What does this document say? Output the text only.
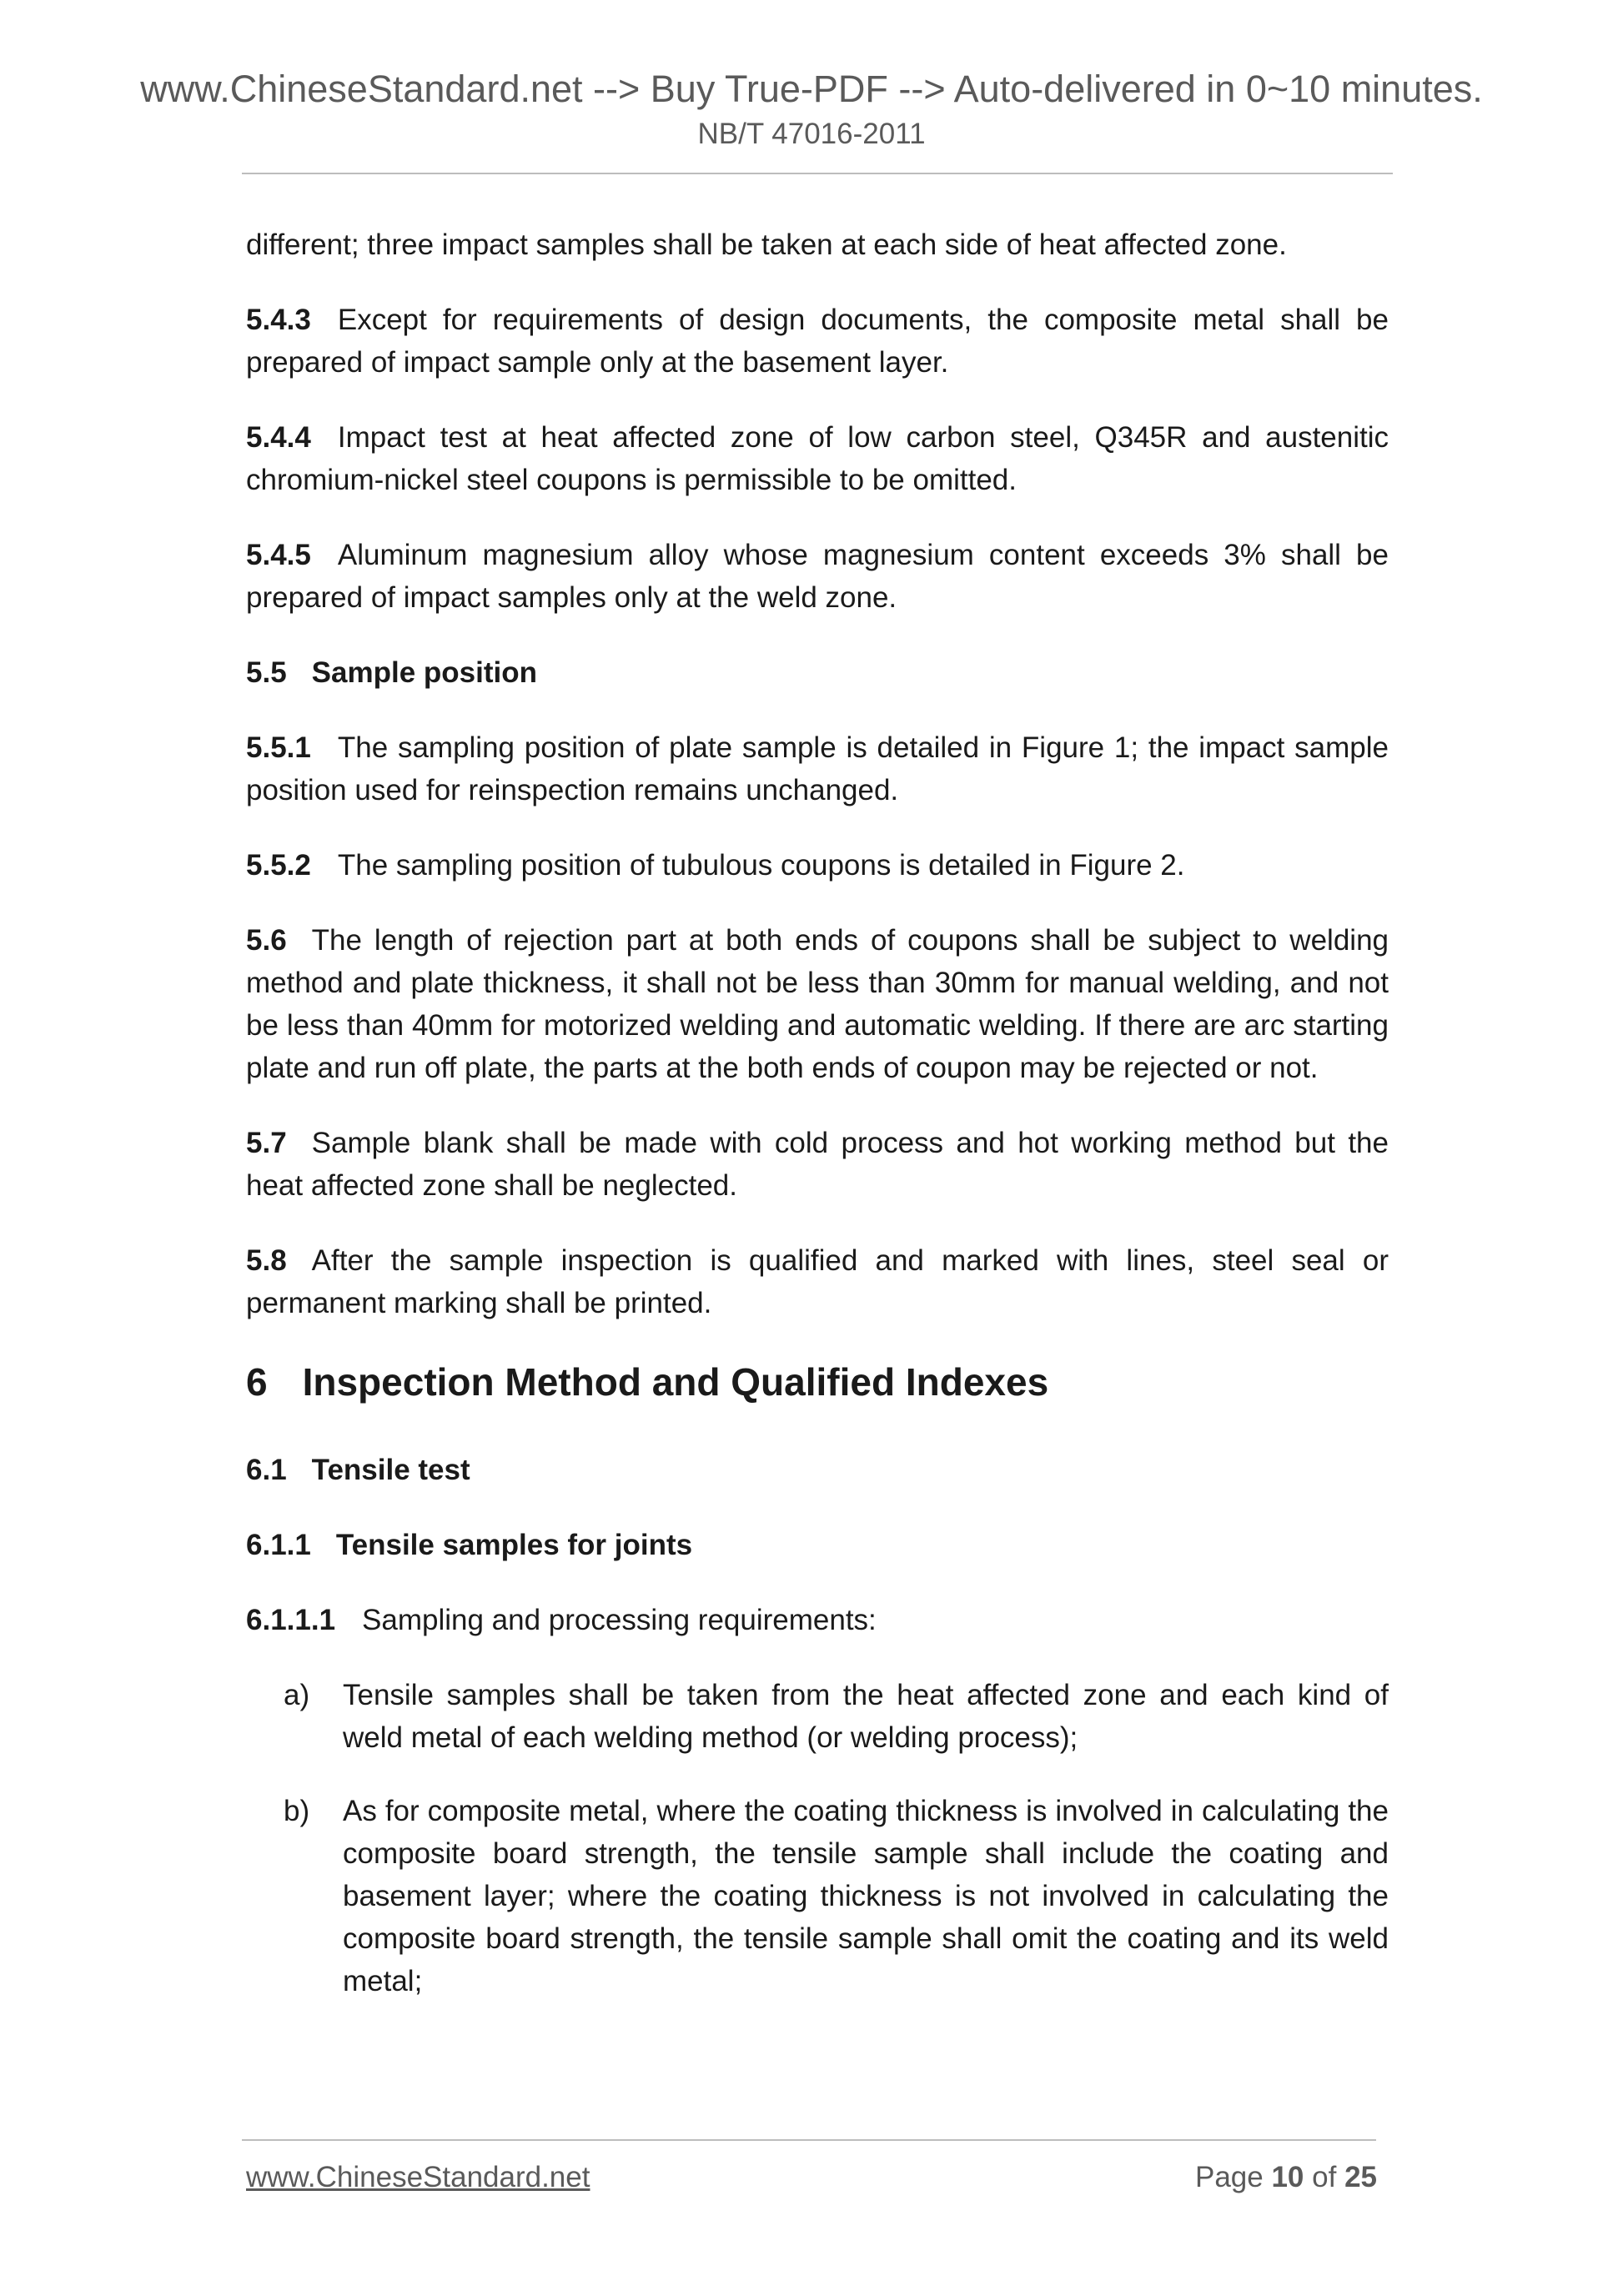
www.ChineseStandard.net --> Buy True-PDF --> Auto-delivered in 0~10 minutes.
NB/T 47016-2011

different; three impact samples shall be taken at each side of heat affected zone.

5.4.3 Except for requirements of design documents, the composite metal shall be prepared of impact sample only at the basement layer.

5.4.4 Impact test at heat affected zone of low carbon steel, Q345R and austenitic chromium-nickel steel coupons is permissible to be omitted.

5.4.5 Aluminum magnesium alloy whose magnesium content exceeds 3% shall be prepared of impact samples only at the weld zone.

5.5 Sample position

5.5.1 The sampling position of plate sample is detailed in Figure 1; the impact sample position used for reinspection remains unchanged.

5.5.2 The sampling position of tubulous coupons is detailed in Figure 2.

5.6 The length of rejection part at both ends of coupons shall be subject to welding method and plate thickness, it shall not be less than 30mm for manual welding, and not be less than 40mm for motorized welding and automatic welding. If there are arc starting plate and run off plate, the parts at the both ends of coupon may be rejected or not.

5.7 Sample blank shall be made with cold process and hot working method but the heat affected zone shall be neglected.

5.8 After the sample inspection is qualified and marked with lines, steel seal or permanent marking shall be printed.

6 Inspection Method and Qualified Indexes

6.1 Tensile test

6.1.1 Tensile samples for joints

6.1.1.1 Sampling and processing requirements:

a) Tensile samples shall be taken from the heat affected zone and each kind of weld metal of each welding method (or welding process);
b) As for composite metal, where the coating thickness is involved in calculating the composite board strength, the tensile sample shall include the coating and basement layer; where the coating thickness is not involved in calculating the composite board strength, the tensile sample shall omit the coating and its weld metal;
www.ChineseStandard.net	Page 10 of 25
